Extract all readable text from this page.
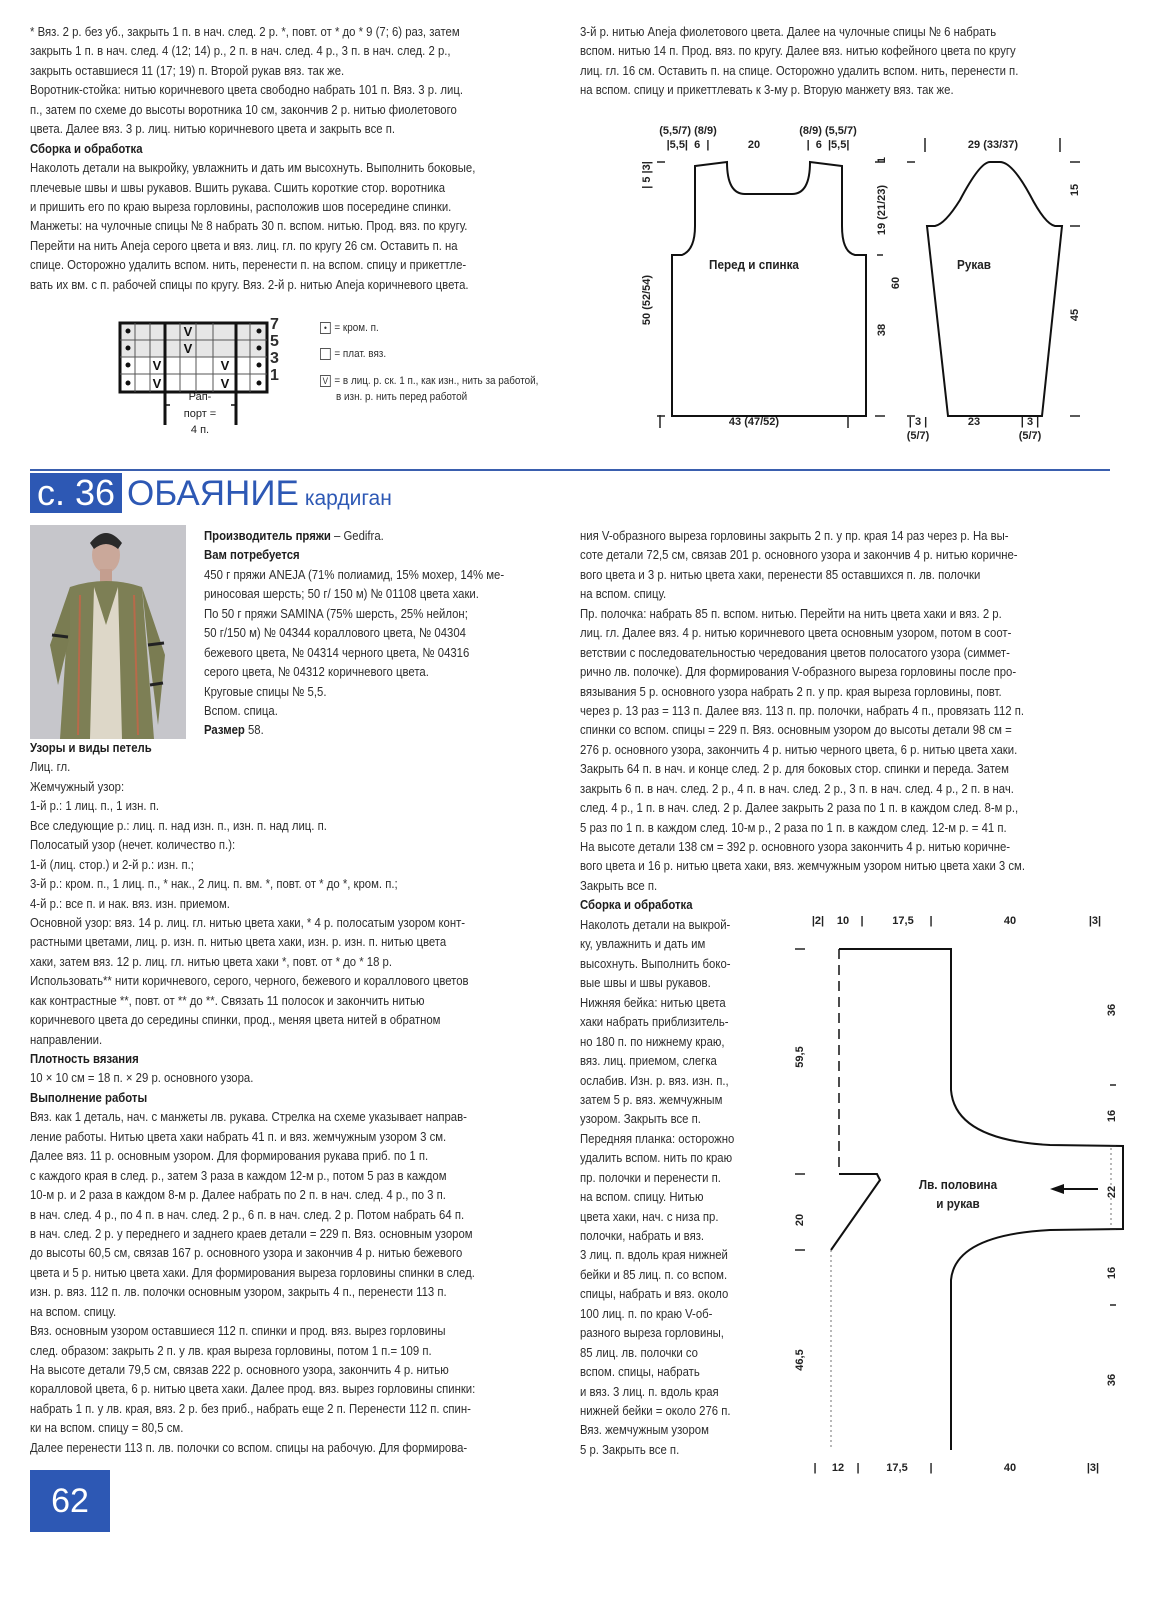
* Вяз. 2 р. без уб., закрыть 1 п. в нач. след. 2 р. *, повт. от * до * 9 (7; 6) раз, затем
закрыть 1 п. в нач. след. 4 (12; 14) р., 2 п. в нач. след. 4 р., 3 п. в нач. след. 2 р.,
закрыть оставшиеся 11 (17; 19) п. Второй рукав вяз. так же.
Воротник-стойка: нитью коричневого цвета свободно набрать 101 п. Вяз. 3 р. лиц.
п., затем по схеме до высоты воротника 10 см, закончив 2 р. нитью фиолетового
цвета. Далее вяз. 3 р. лиц. нитью коричневого цвета и закрыть все п.
Сборка и обработка
Наколоть детали на выкройку, увлажнить и дать им высохнуть. Выполнить боковые,
плечевые швы и швы рукавов. Вшить рукава. Сшить короткие стор. воротника
и пришить его по краю выреза горловины, расположив шов посередине спинки.
Манжеты: на чулочные спицы № 8 набрать 30 п. вспом. нитью. Прод. вяз. по кругу.
Перейти на нить Aneja серого цвета и вяз. лиц. гл. по кругу 26 см. Оставить п. на
спице. Осторожно удалить вспом. нить, перенести п. на вспом. спицу и прикеттле-
вать их вм. с п. рабочей спицы по кругу. Вяз. 2-й р. нитью Aneja коричневого цвета.
3-й р. нитью Aneja фиолетового цвета. Далее на чулочные спицы № 6 набрать
вспом. нитью 14 п. Прод. вяз. по кругу. Далее вяз. нитью кофейного цвета по кругу
лиц. гл. 16 см. Оставить п. на спице. Осторожно удалить вспом. нить, перенести п.
на вспом. спицу и прикеттлевать к 3-му р. Вторую манжету вяз. так же.
Производитель пряжи – Gedifra.
Вам потребуется
450 г пряжи ANEJA (71% полиамид, 15% мохер, 14% ме-
риносовая шерсть; 50 г/ 150 м) № 01108 цвета хаки.
По 50 г пряжи SAMINA (75% шерсть, 25% нейлон;
50 г/150 м) № 04344 кораллового цвета, № 04304
бежевого цвета, № 04314 черного цвета, № 04316
серого цвета, № 04312 коричневого цвета.
Круговые спицы № 5,5.
Вспом. спица.
Размер 58.
Узоры и виды петель
Лиц. гл.
Жемчужный узор:
1-й р.: 1 лиц. п., 1 изн. п.
Все следующие р.: лиц. п. над изн. п., изн. п. над лиц. п.
Полосатый узор (нечет. количество п.):
1-й (лиц. стор.) и 2-й р.: изн. п.;
3-й р.: кром. п., 1 лиц. п., * нак., 2 лиц. п. вм. *, повт. от * до *, кром. п.;
4-й р.: все п. и нак. вяз. изн. приемом.
Основной узор: вяз. 14 р. лиц. гл. нитью цвета хаки, * 4 р. полосатым узором конт-
растными цветами, лиц. р. изн. п. нитью цвета хаки, изн. р. изн. п. нитью цвета
хаки, затем вяз. 12 р. лиц. гл. нитью цвета хаки *, повт. от * до * 18 р.
Использовать** нити коричневого, серого, черного, бежевого и кораллового цветов
как контрастные **, повт. от ** до **. Связать 11 полосок и закончить нитью
коричневого цвета до середины спинки, прод., меняя цвета нитей в обратном
направлении.
Плотность вязания
10 × 10 см = 18 п. × 29 р. основного узора.
Выполнение работы
Вяз. как 1 деталь, нач. с манжеты лв. рукава. Стрелка на схеме указывает направ-
ление работы. Нитью цвета хаки набрать 41 п. и вяз. жемчужным узором 3 см.
Далее вяз. 11 р. основным узором. Для формирования рукава приб. по 1 п.
с каждого края в след. р., затем 3 раза в каждом 12-м р., потом 5 раз в каждом
10-м р. и 2 раза в каждом 8-м р. Далее набрать по 2 п. в нач. след. 4 р., по 3 п.
в нач. след. 4 р., по 4 п. в нач. след. 2 р., 6 п. в нач. след. 2 р. Потом набрать 64 п.
в нач. след. 2 р. у переднего и заднего краев детали = 229 п. Вяз. основным узором
до высоты 60,5 см, связав 167 р. основного узора и закончив 4 р. нитью бежевого
цвета и 5 р. нитью цвета хаки. Для формирования выреза горловины спинки в след.
изн. р. вяз. 112 п. лв. полочки основным узором, закрыть 4 п., перенести 113 п.
на вспом. спицу.
Вяз. основным узором оставшиеся 112 п. спинки и прод. вяз. вырез горловины
след. образом: закрыть 2 п. у лв. края выреза горловины, потом 1 п.= 109 п.
На высоте детали 79,5 см, связав 222 р. основного узора, закончить 4 р. нитью
коралловой цвета, 6 р. нитью цвета хаки. Далее прод. вяз. вырез горловины спинки:
набрать 1 п. у лв. края, вяз. 2 р. без приб., набрать еще 2 п. Перенести 112 п. спин-
ки на вспом. спицу = 80,5 см.
Далее перенести 113 п. лв. полочки со вспом. спицы на рабочую. Для формирова-
ния V-образного выреза горловины закрыть 2 п. у пр. края 14 раз через р. На вы-
соте детали 72,5 см, связав 201 р. основного узора и закончив 4 р. нитью коричне-
вого цвета и 3 р. нитью цвета хаки, перенести 85 оставшихся п. лв. полочки
на вспом. спицу.
Пр. полочка: набрать 85 п. вспом. нитью. Перейти на нить цвета хаки и вяз. 2 р.
лиц. гл. Далее вяз. 4 р. нитью коричневого цвета основным узором, потом в соот-
ветствии с последовательностью чередования цветов полосатого узора (симмет-
рично лв. полочке). Для формирования V-образного выреза горловины после про-
вязывания 5 р. основного узора набрать 2 п. у пр. края выреза горловины, повт.
через р. 13 раз = 113 п. Далее вяз. 113 п. пр. полочки, набрать 4 п., провязать 112 п.
спинки со вспом. спицы = 229 п. Вяз. основным узором до высоты детали 98 см =
276 р. основного узора, закончить 4 р. нитью черного цвета, 6 р. нитью цвета хаки.
Закрыть 64 п. в нач. и конце след. 2 р. для боковых стор. спинки и переда. Затем
закрыть 6 п. в нач. след. 2 р., 4 п. в нач. след. 2 р., 3 п. в нач. след. 4 р., 2 п. в нач.
след. 4 р., 1 п. в нач. след. 2 р. Далее закрыть 2 раза по 1 п. в каждом след. 8-м р.,
5 раз по 1 п. в каждом след. 10-м р., 2 раза по 1 п. в каждом след. 12-м р. = 41 п.
На высоте детали 138 см = 392 р. основного узора закончить 4 р. нитью коричне-
вого цвета и 16 р. нитью цвета хаки, вяз. жемчужным узором нитью цвета хаки 3 см.
Закрыть все п.
Сборка и обработка
Наколоть детали на выкрой-
ку, увлажнить и дать им
высохнуть. Выполнить боко-
вые швы и швы рукавов.
Нижняя бейка: нитью цвета
хаки набрать приблизитель-
но 180 п. по нижнему краю,
вяз. лиц. приемом, слегка
ослабив. Изн. р. вяз. изн. п.,
затем 5 р. вяз. жемчужным
узором. Закрыть все п.
Передняя планка: осторожно
удалить вспом. нить по краю
пр. полочки и перенести п.
на вспом. спицу. Нитью
цвета хаки, нач. с низа пр.
полочки, набрать и вяз.
3 лиц. п. вдоль края нижней
бейки и 85 лиц. п. со вспом.
спицы, набрать и вяз. около
100 лиц. п. по краю V-об-
разного выреза горловины,
85 лиц. лв. полочки со
вспом. спицы, набрать
и вяз. 3 лиц. п. вдоль края
нижней бейки = около 276 п.
Вяз. жемчужным узором
5 р. Закрыть все п.
с. 36 ОБАЯНИЕ кардиган
V
V
V
V
V
V
7
5
3
1
Рап-
порт =
4 п.
• = кром. п.
= плат. вяз.
V = в лиц. р. ск. 1 п., как изн., нить за работой,
в изн. р. нить перед работой
(5,5/7) (8/9)
|5,5|  6  |	20
(8/9) (5,5/7)
|  6  |5,5|
| 5 |3|
50 (52/54)
19 (21/23)
1
38
43 (47/52)
Перед и спинка
29 (33/37)
60
15
45
| 3 |
(5/7)
23	| 3 |
(5/7)
Рукав
|2| 10 |	17,5 |	40	|3|
| 12 | 17,5 |	40	|3|
59,5
20
46,5
36
16
22
16
36
Лв. половина
и рукав
62
